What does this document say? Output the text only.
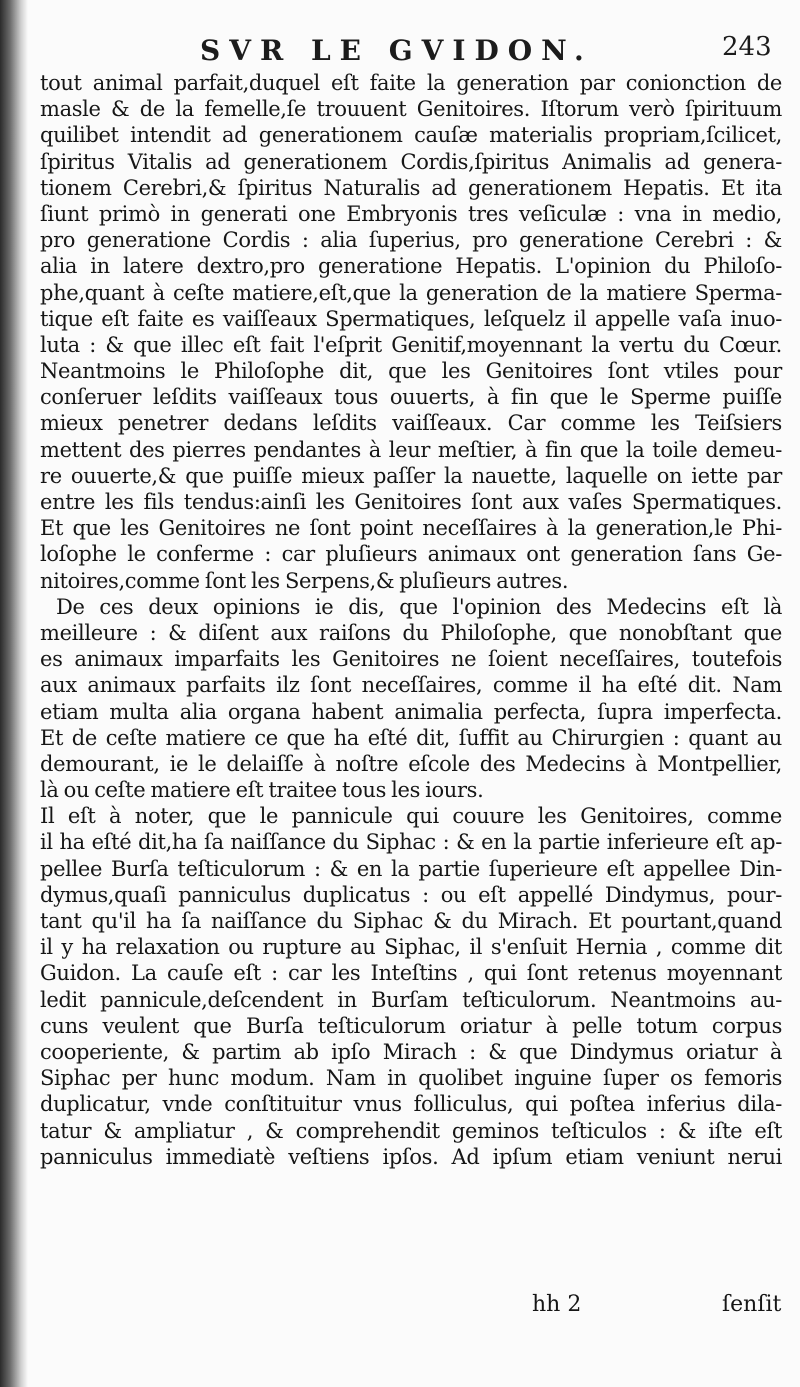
SVR LE GVIDON.	243
tout animal parfait,duquel eſt faite la generation par conionction de
masle & de la femelle,ſe trouuent Genitoires. Iſtorum verò ſpirituum
quilibet intendit ad generationem cauſæ materialis propriam,ſcilicet,
ſpiritus Vitalis ad generationem Cordis,ſpiritus Animalis ad genera-
tionem Cerebri,& ſpiritus Naturalis ad generationem Hepatis. Et ita
ſiunt primò in generati one Embryonis tres veſiculæ : vna in medio,
pro generatione Cordis : alia ſuperius, pro generatione Cerebri : &
alia in latere dextro,pro generatione Hepatis. L'opinion du Philoſo-
phe,quant à ceſte matiere,eſt,que la generation de la matiere Sperma-
tique eſt faite es vaiſſeaux Spermatiques, leſquelz il appelle vaſa inuo-
luta : & que illec eſt fait l'eſprit Genitif,moyennant la vertu du Cœur.
Neantmoins le Philoſophe dit, que les Genitoires ſont vtiles pour
conſeruer leſdits vaiſſeaux tous ouuerts, à fin que le Sperme puiſſe
mieux penetrer dedans leſdits vaiſſeaux. Car comme les Teiſsiers
mettent des pierres pendantes à leur meſtier, à fin que la toile demeu-
re ouuerte,& que puiſſe mieux paſſer la nauette, laquelle on iette par
entre les fils tendus:ainſi les Genitoires ſont aux vaſes Spermatiques.
Et que les Genitoires ne ſont point neceſſaires à la generation,le Phi-
loſophe le conferme : car pluſieurs animaux ont generation ſans Ge-
nitoires,comme ſont les Serpens,& pluſieurs autres.
De ces deux opinions ie dis, que l'opinion des Medecins eſt là
meilleure : & diſent aux raiſons du Philoſophe, que nonobſtant que
es animaux imparfaits les Genitoires ne ſoient neceſſaires, toutefois
aux animaux parfaits ilz ſont neceſſaires, comme il ha eſté dit. Nam
etiam multa alia organa habent animalia perfecta, ſupra imperfecta.
Et de ceſte matiere ce que ha eſté dit, ſuffit au Chirurgien : quant au
demourant, ie le delaiſſe à noſtre eſcole des Medecins à Montpellier,
là ou ceſte matiere eſt traitee tous les iours.
Il eſt à noter, que le pannicule qui couure les Genitoires, comme
il ha eſté dit,ha ſa naiſſance du Siphac : & en la partie inferieure eſt ap-
pellee Burſa teſticulorum : & en la partie ſuperieure eſt appellee Din-
dymus,quaſi panniculus duplicatus : ou eſt appellé Dindymus, pour-
tant qu'il ha ſa naiſſance du Siphac & du Mirach. Et pourtant,quand
il y ha relaxation ou rupture au Siphac, il s'enſuit Hernia , comme dit
Guidon. La cauſe eſt : car les Inteſtins , qui ſont retenus moyennant
ledit pannicule,deſcendent in Burſam teſticulorum. Neantmoins au-
cuns veulent que Burſa teſticulorum oriatur à pelle totum corpus
cooperiente, & partim ab ipſo Mirach : & que Dindymus oriatur à
Siphac per hunc modum. Nam in quolibet inguine ſuper os femoris
duplicatur, vnde conſtituitur vnus folliculus, qui poſtea inferius dila-
tatur & ampliatur , & comprehendit geminos teſticulos : & iſte eſt
panniculus immediatè veſtiens ipſos. Ad ipſum etiam veniunt nerui
hh 2	ſenſit
